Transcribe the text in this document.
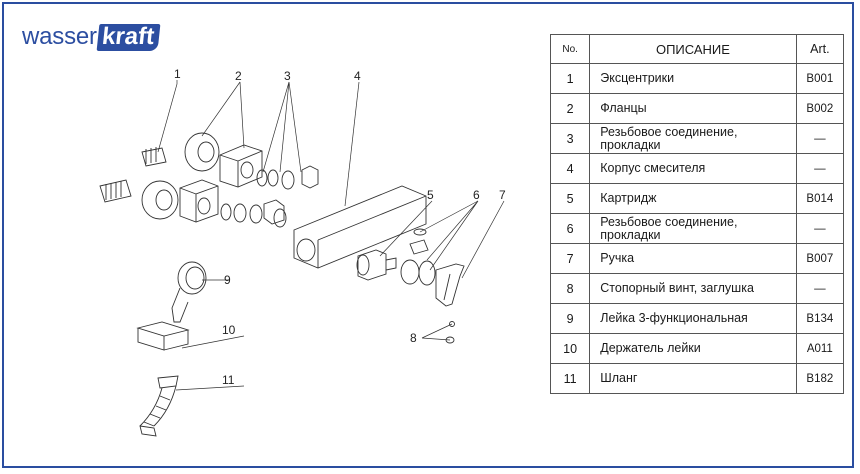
wasser kraft
1	2	3	4
5	6 7
8
9
10
11
No.	ОПИСАНИЕ	Art.
1	Эксцентрики	B001
2	Фланцы	B002
3	Резьбовое соединение, прокладки	—
4	Корпус смесителя	—
5	Картридж	B014
6	Резьбовое соединение, прокладки	—
7	Ручка	B007
8	Стопорный винт, заглушка	—
9	Лейка 3-функциональная	B134
10	Держатель лейки	A011
11	Шланг	B182
